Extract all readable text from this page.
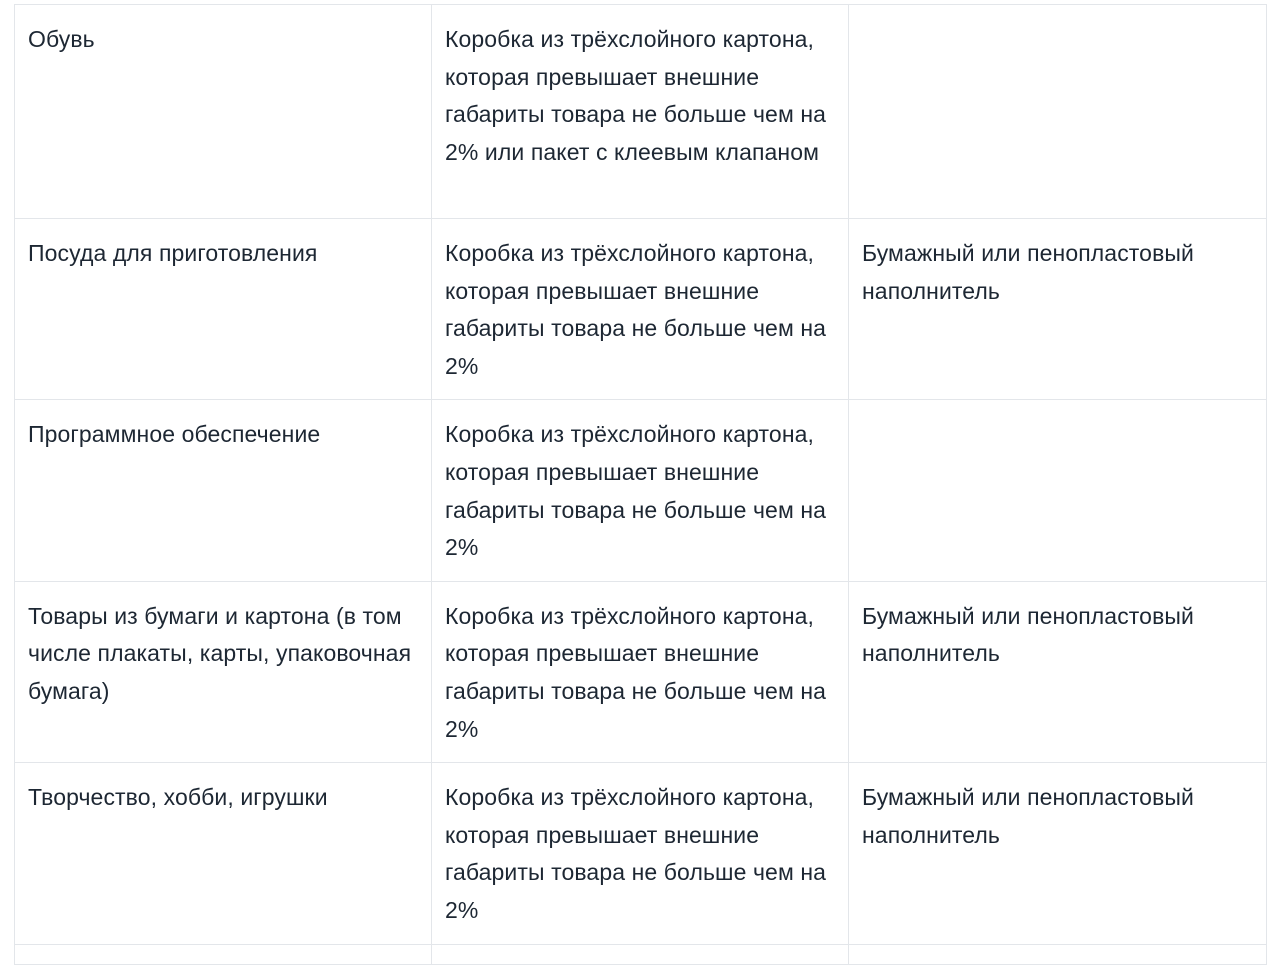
Обувь	Коробка из трёхслойного картона, которая превышает внешние габариты товара не больше чем на 2% или пакет с клеевым клапаном	
Посуда для приготовления	Коробка из трёхслойного картона, которая превышает внешние габариты товара не больше чем на 2%	Бумажный или пенопластовый наполнитель
Программное обеспечение	Коробка из трёхслойного картона, которая превышает внешние габариты товара не больше чем на 2%	
Товары из бумаги и картона (в том числе плакаты, карты, упаковочная бумага)	Коробка из трёхслойного картона, которая превышает внешние габариты товара не больше чем на 2%	Бумажный или пенопластовый наполнитель
Творчество, хобби, игрушки	Коробка из трёхслойного картона, которая превышает внешние габариты товара не больше чем на 2%	Бумажный или пенопластовый наполнитель
